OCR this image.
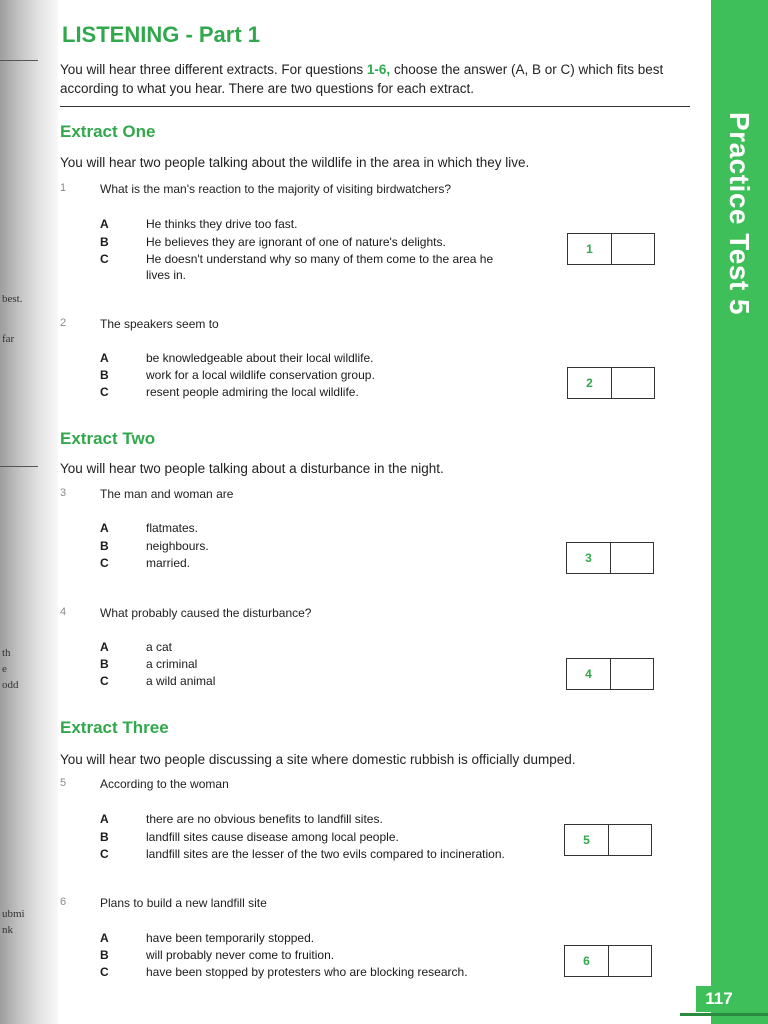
best.
far
th
e
odd
ubmi
nk
Practice Test 5
117
LISTENING - Part 1

You will hear three different extracts. For questions 1-6, choose the answer (A, B or C) which fits best according to what you hear. There are two questions for each extract.

Extract One

You will hear two people talking about the wildlife in the area in which they live.

1	What is the man's reaction to the majority of visiting birdwatchers?

A	He thinks they drive too fast.
B	He believes they are ignorant of one of nature's delights.
C	He doesn't understand why so many of them come to the area he lives in.
1
2	The speakers seem to

A	be knowledgeable about their local wildlife.
B	work for a local wildlife conservation group.
C	resent people admiring the local wildlife.
2
Extract Two

You will hear two people talking about a disturbance in the night.

3	The man and woman are

A	flatmates.
B	neighbours.
C	married.	3
4	What probably caused the disturbance?

A	a cat
B	a criminal
C	a wild animal	4
Extract Three

You will hear two people discussing a site where domestic rubbish is officially dumped.

5	According to the woman

A	there are no obvious benefits to landfill sites.
B	landfill sites cause disease among local people.
C	landfill sites are the lesser of the two evils compared to incineration.
5
6	Plans to build a new landfill site

A	have been temporarily stopped.
B	will probably never come to fruition.
C	have been stopped by protesters who are blocking research.
6
